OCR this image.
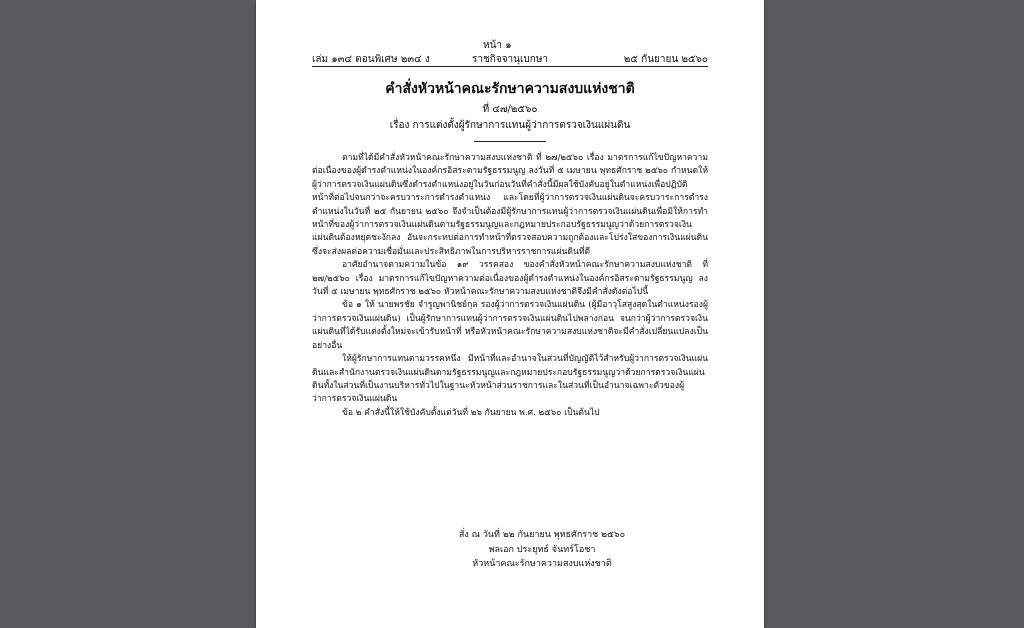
หน้า ๑
เล่ม ๑๓๔ ตอนพิเศษ ๒๓๔ ง	ราชกิจจานุเบกษา	๒๕ กันยายน ๒๕๖๐
คำสั่งหัวหน้าคณะรักษาความสงบแห่งชาติ
ที่ ๔๗/๒๕๖๐
เรื่อง การแต่งตั้งผู้รักษาการแทนผู้ว่าการตรวจเงินแผ่นดิน

ตามที่ได้มีคำสั่งหัวหน้าคณะรักษาความสงบแห่งชาติ ที่ ๒๗/๒๕๖๐ เรื่อง มาตรการแก้ไขปัญหาความต่อเนื่องของผู้ดำรงตำแหน่งในองค์กรอิสระตามรัฐธรรมนูญ ลงวันที่ ๕ เมษายน พุทธศักราช ๒๕๖๐ กำหนดให้ผู้ว่าการตรวจเงินแผ่นดินซึ่งดำรงตำแหน่งอยู่ในวันก่อนวันที่คำสั่งนี้มีผลใช้บังคับอยู่ในตำแหน่งเพื่อปฏิบัติหน้าที่ต่อไปจนกว่าจะครบวาระการดำรงตำแหน่ง และโดยที่ผู้ว่าการตรวจเงินแผ่นดินจะครบวาระการดำรงตำแหน่งในวันที่ ๒๕ กันยายน ๒๕๖๐ จึงจำเป็นต้องมีผู้รักษาการแทนผู้ว่าการตรวจเงินแผ่นดินเพื่อมิให้การทำหน้าที่ของผู้ว่าการตรวจเงินแผ่นดินตามรัฐธรรมนูญและกฎหมายประกอบรัฐธรรมนูญว่าด้วยการตรวจเงินแผ่นดินต้องหยุดชะงักลง อันจะกระทบต่อการทำหน้าที่ตรวจสอบความถูกต้องและโปร่งใสของการเงินแผ่นดิน ซึ่งจะส่งผลต่อความเชื่อมั่นและประสิทธิภาพในการบริหารราชการแผ่นดินที่ดี

อาศัยอำนาจตามความในข้อ ๑๙ วรรคสอง ของคำสั่งหัวหน้าคณะรักษาความสงบแห่งชาติ ที่ ๒๗/๒๕๖๐ เรื่อง มาตรการแก้ไขปัญหาความต่อเนื่องของผู้ดำรงตำแหน่งในองค์กรอิสระตามรัฐธรรมนูญ ลงวันที่ ๕ เมษายน พุทธศักราช ๒๕๖๐ หัวหน้าคณะรักษาความสงบแห่งชาติจึงมีคำสั่งดังต่อไปนี้

ข้อ ๑ ให้ นายพรชัย จำรูญพานิชย์กุล รองผู้ว่าการตรวจเงินแผ่นดิน (ผู้มีอาวุโสสูงสุดในตำแหน่งรองผู้ว่าการตรวจเงินแผ่นดิน) เป็นผู้รักษาการแทนผู้ว่าการตรวจเงินแผ่นดินไปพลางก่อน จนกว่าผู้ว่าการตรวจเงินแผ่นดินที่ได้รับแต่งตั้งใหม่จะเข้ารับหน้าที่ หรือหัวหน้าคณะรักษาความสงบแห่งชาติจะมีคำสั่งเปลี่ยนแปลงเป็นอย่างอื่น

ให้ผู้รักษาการแทนตามวรรคหนึ่ง มีหน้าที่และอำนาจในส่วนที่บัญญัติไว้สำหรับผู้ว่าการตรวจเงินแผ่นดินและสำนักงานตรวจเงินแผ่นดินตามรัฐธรรมนูญและกฎหมายประกอบรัฐธรรมนูญว่าด้วยการตรวจเงินแผ่นดินทั้งในส่วนที่เป็นงานบริหารทั่วไปในฐานะหัวหน้าส่วนราชการและในส่วนที่เป็นอำนาจเฉพาะตัวของผู้ว่าการตรวจเงินแผ่นดิน

ข้อ ๒ คำสั่งนี้ให้ใช้บังคับตั้งแต่วันที่ ๒๖ กันยายน พ.ศ. ๒๕๖๐ เป็นต้นไป

สั่ง ณ วันที่ ๒๒ กันยายน พุทธศักราช ๒๕๖๐
พลเอก ประยุทธ์ จันทร์โอชา
หัวหน้าคณะรักษาความสงบแห่งชาติ
